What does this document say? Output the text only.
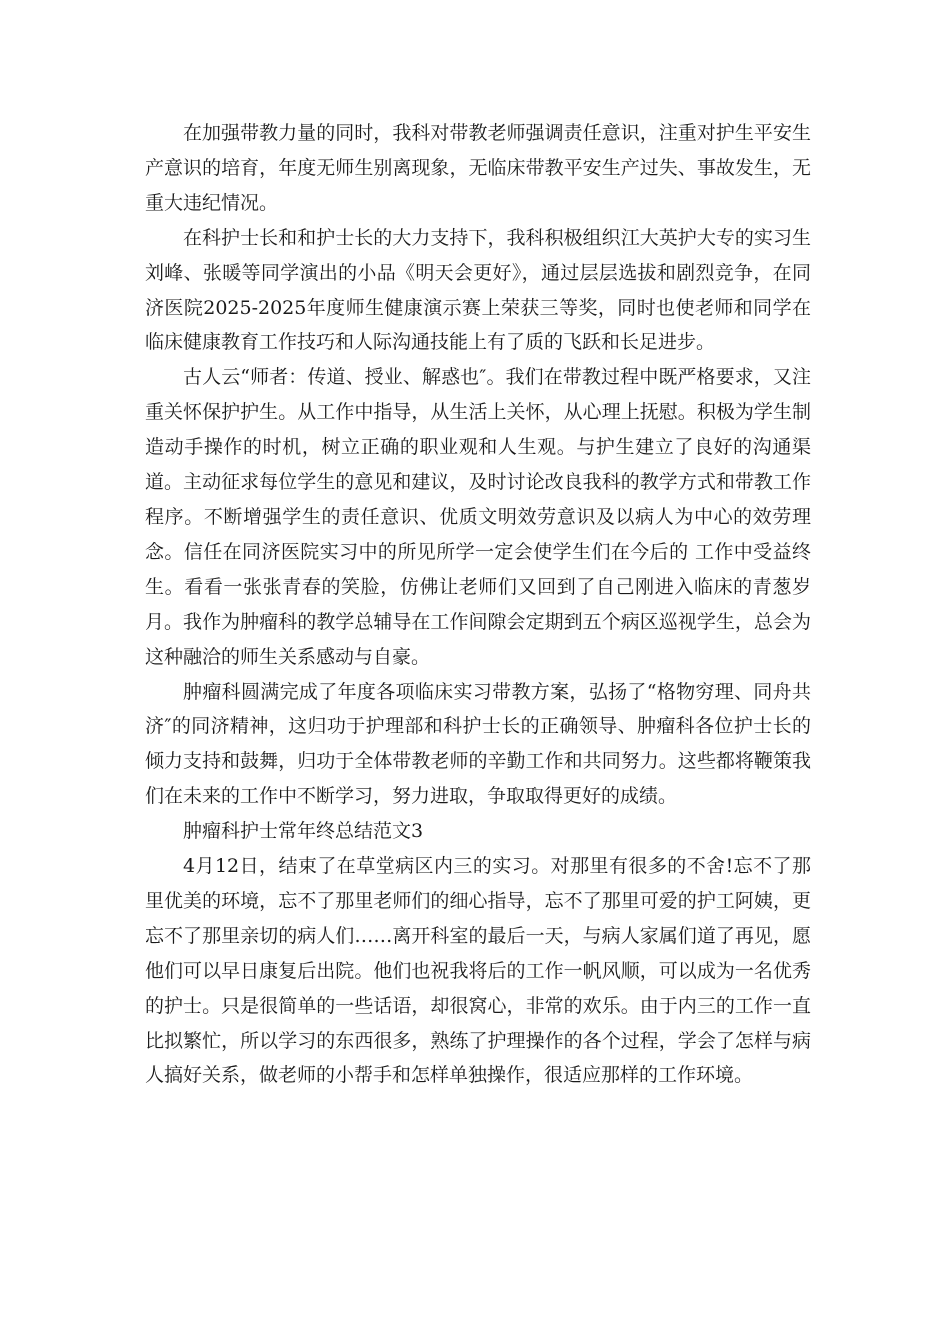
在加强带教力量的同时，我科对带教老师强调责任意识，注重对护生平安生产意识的培育，年度无师生别离现象，无临床带教平安生产过失、事故发生，无重大违纪情况。

在科护士长和和护士长的大力支持下，我科积极组织江大英护大专的实习生刘峰、张暖等同学演出的小品《明天会更好》，通过层层选拔和剧烈竞争，在同济医院2025-2025年度师生健康演示赛上荣获三等奖，同时也使老师和同学在临床健康教育工作技巧和人际沟通技能上有了质的飞跃和长足进步。

古人云“师者：传道、授业、解惑也″。我们在带教过程中既严格要求，又注重关怀保护护生。从工作中指导，从生活上关怀，从心理上抚慰。积极为学生制造动手操作的时机，树立正确的职业观和人生观。与护生建立了良好的沟通渠道。主动征求每位学生的意见和建议，及时讨论改良我科的教学方式和带教工作程序。不断增强学生的责任意识、优质文明效劳意识及以病人为中心的效劳理念。信任在同济医院实习中的所见所学一定会使学生们在今后的 工作中受益终生。看看一张张青春的笑脸，仿佛让老师们又回到了自己刚进入临床的青葱岁月。我作为肿瘤科的教学总辅导在工作间隙会定期到五个病区巡视学生，总会为这种融洽的师生关系感动与自豪。

肿瘤科圆满完成了年度各项临床实习带教方案，弘扬了“格物穷理、同舟共济″的同济精神，这归功于护理部和科护士长的正确领导、肿瘤科各位护士长的倾力支持和鼓舞，归功于全体带教老师的辛勤工作和共同努力。这些都将鞭策我们在未来的工作中不断学习，努力进取，争取取得更好的成绩。

肿瘤科护士常年终总结范文3

4月12日，结束了在草堂病区内三的实习。对那里有很多的不舍!忘不了那里优美的环境，忘不了那里老师们的细心指导，忘不了那里可爱的护工阿姨，更忘不了那里亲切的病人们……离开科室的最后一天，与病人家属们道了再见，愿他们可以早日康复后出院。他们也祝我将后的工作一帆风顺，可以成为一名优秀的护士。只是很简单的一些话语，却很窝心，非常的欢乐。由于内三的工作一直比拟繁忙，所以学习的东西很多，熟练了护理操作的各个过程，学会了怎样与病人搞好关系，做老师的小帮手和怎样单独操作，很适应那样的工作环境。
